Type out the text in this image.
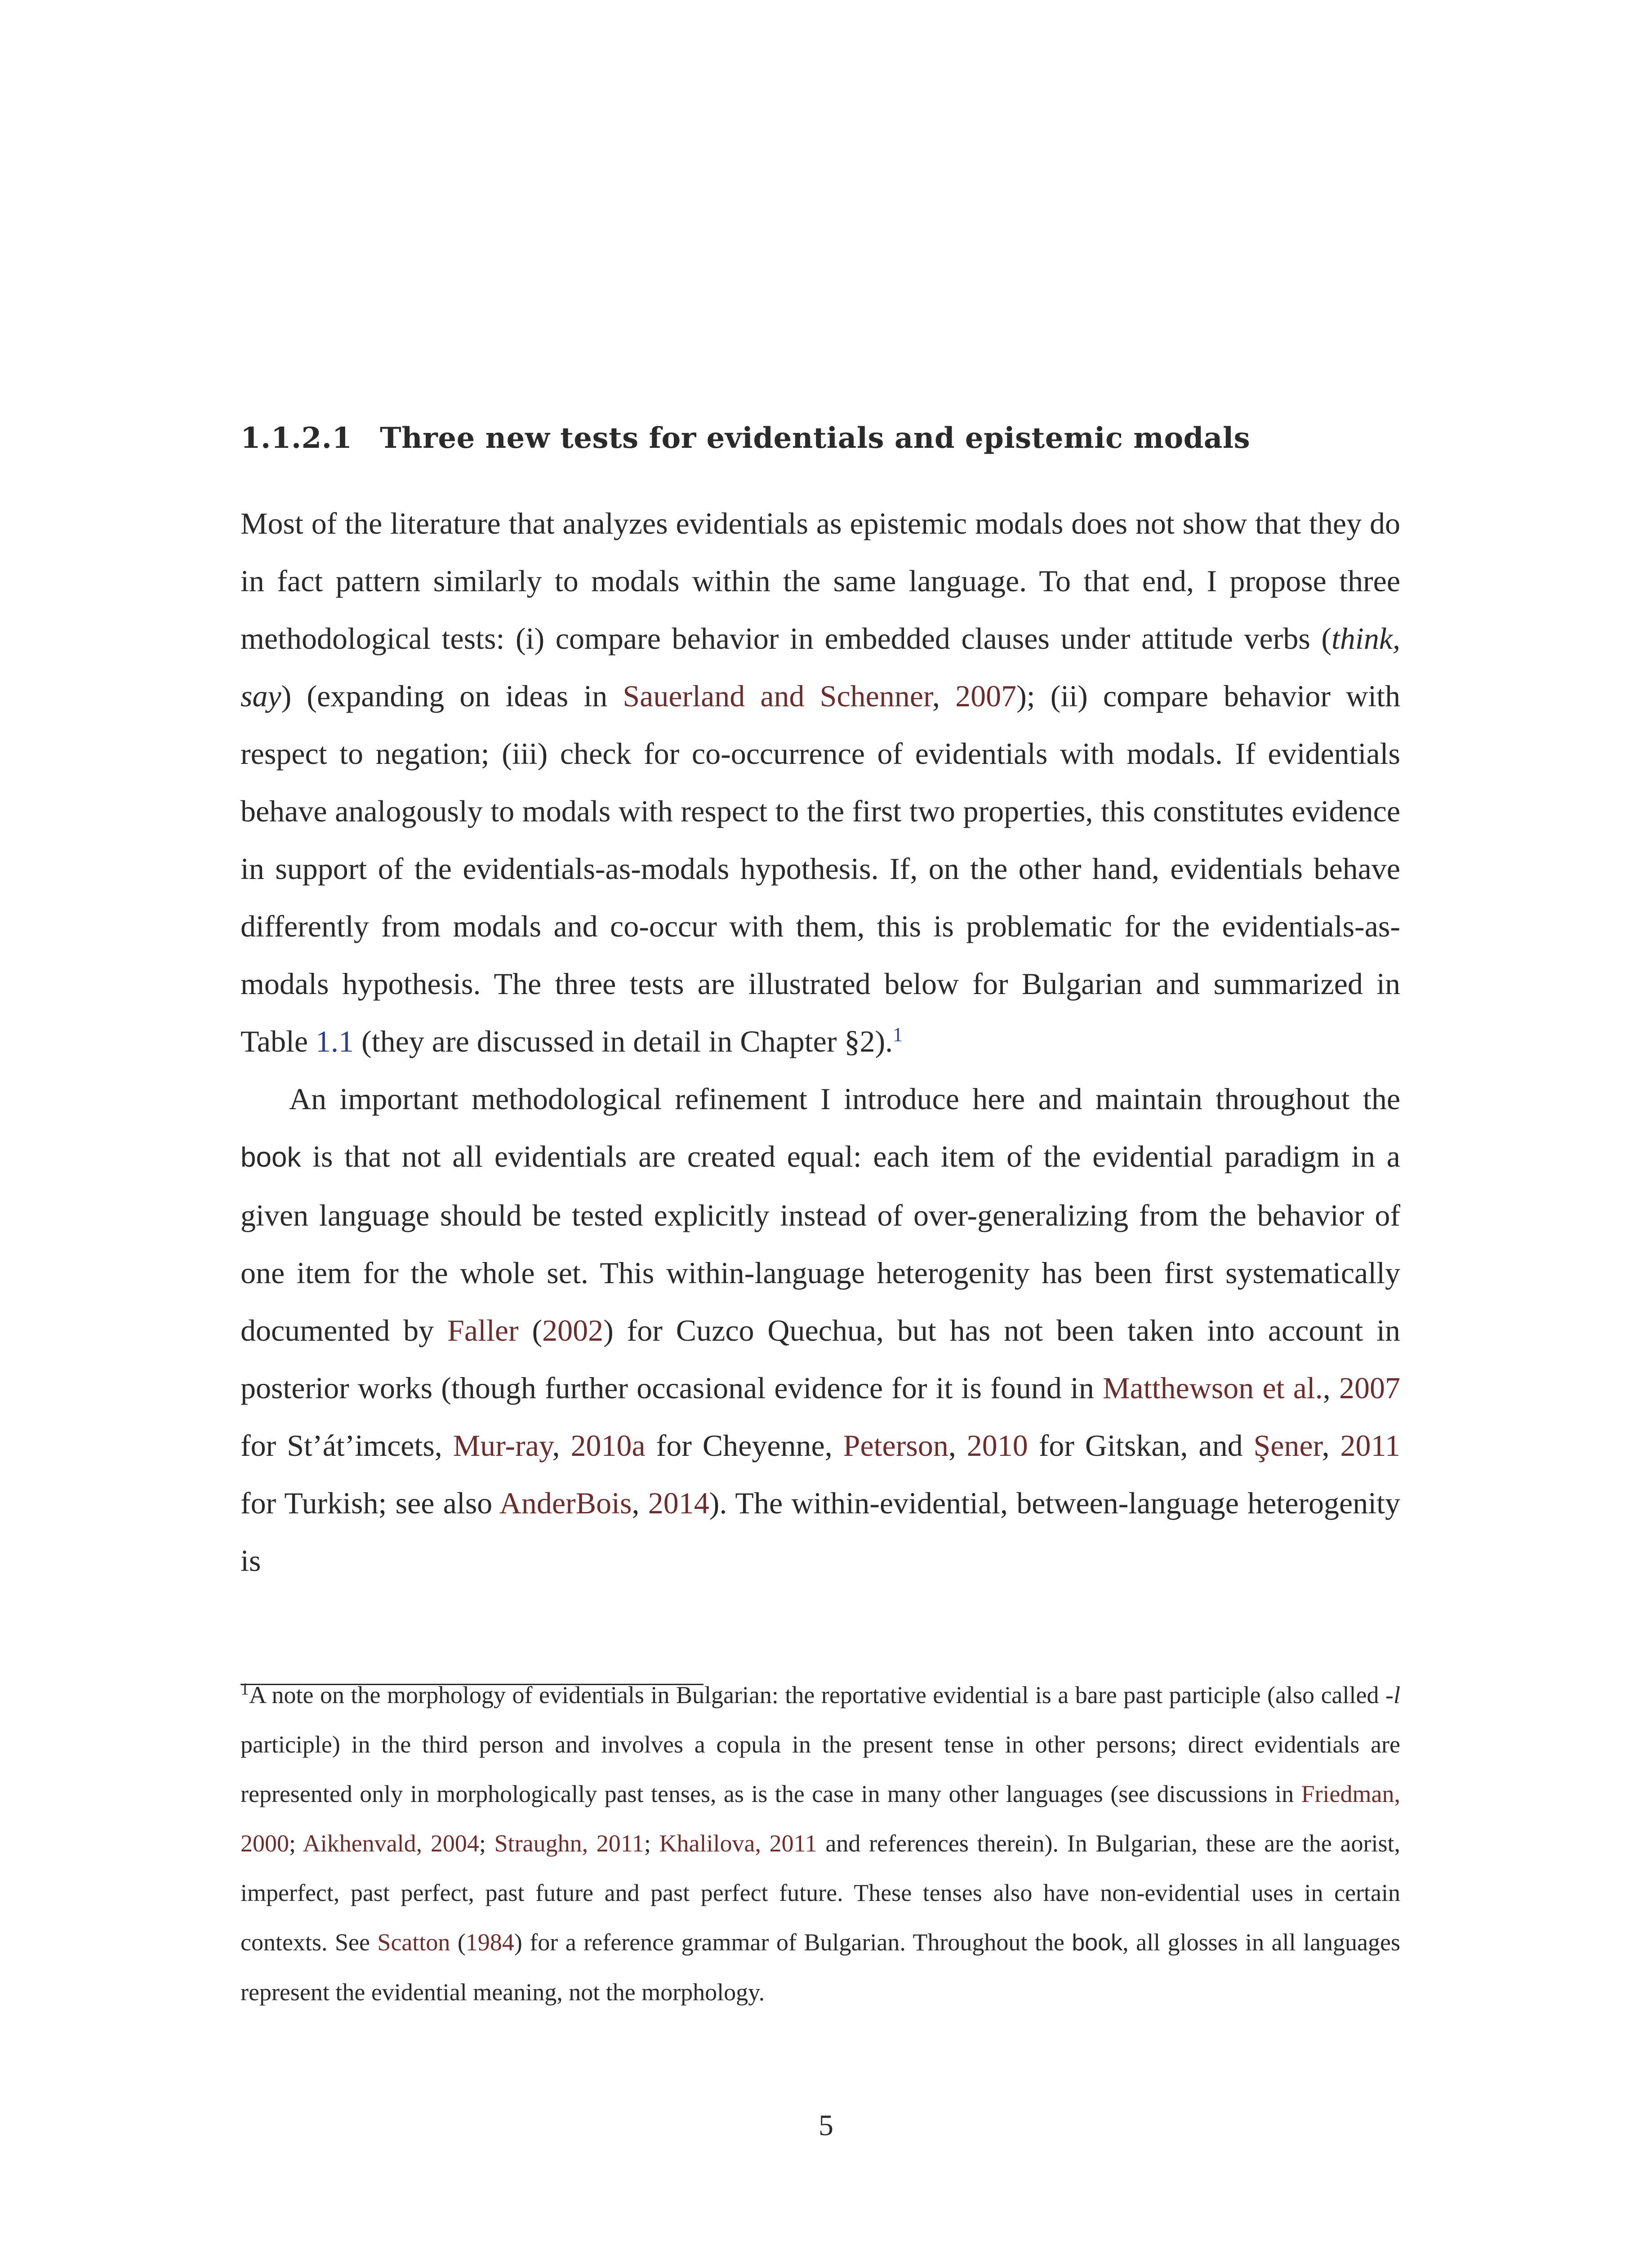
1.1.2.1 Three new tests for evidentials and epistemic modals

Most of the literature that analyzes evidentials as epistemic modals does not show that they do in fact pattern similarly to modals within the same language. To that end, I propose three methodological tests: (i) compare behavior in embedded clauses under attitude verbs (think, say) (expanding on ideas in Sauerland and Schenner, 2007); (ii) compare behavior with respect to negation; (iii) check for co-occurrence of evidentials with modals. If evidentials behave analogously to modals with respect to the first two properties, this constitutes evidence in support of the evidentials-as-modals hypothesis. If, on the other hand, evidentials behave differently from modals and co-occur with them, this is problematic for the evidentials-as-modals hypothesis. The three tests are illustrated below for Bulgarian and summarized in Table 1.1 (they are discussed in detail in Chapter §2).$^1$

An important methodological refinement I introduce here and maintain throughout the book is that not all evidentials are created equal: each item of the evidential paradigm in a given language should be tested explicitly instead of over-generalizing from the behavior of one item for the whole set. This within-language heterogenity has been first systematically documented by Faller (2002) for Cuzco Quechua, but has not been taken into account in posterior works (though further occasional evidence for it is found in Matthewson et al., 2007 for St’át’imcets, Mur-ray, 2010a for Cheyenne, Peterson, 2010 for Gitskan, and Şener, 2011 for Turkish; see also AnderBois, 2014). The within-evidential, between-language heterogenity is

$^1$A note on the morphology of evidentials in Bulgarian: the reportative evidential is a bare past participle (also called -l participle) in the third person and involves a copula in the present tense in other persons; direct evidentials are represented only in morphologically past tenses, as is the case in many other languages (see discussions in Friedman, 2000; Aikhenvald, 2004; Straughn, 2011; Khalilova, 2011 and references therein). In Bulgarian, these are the aorist, imperfect, past perfect, past future and past perfect future. These tenses also have non-evidential uses in certain contexts. See Scatton (1984) for a reference grammar of Bulgarian. Throughout the book, all glosses in all languages represent the evidential meaning, not the morphology.
5
